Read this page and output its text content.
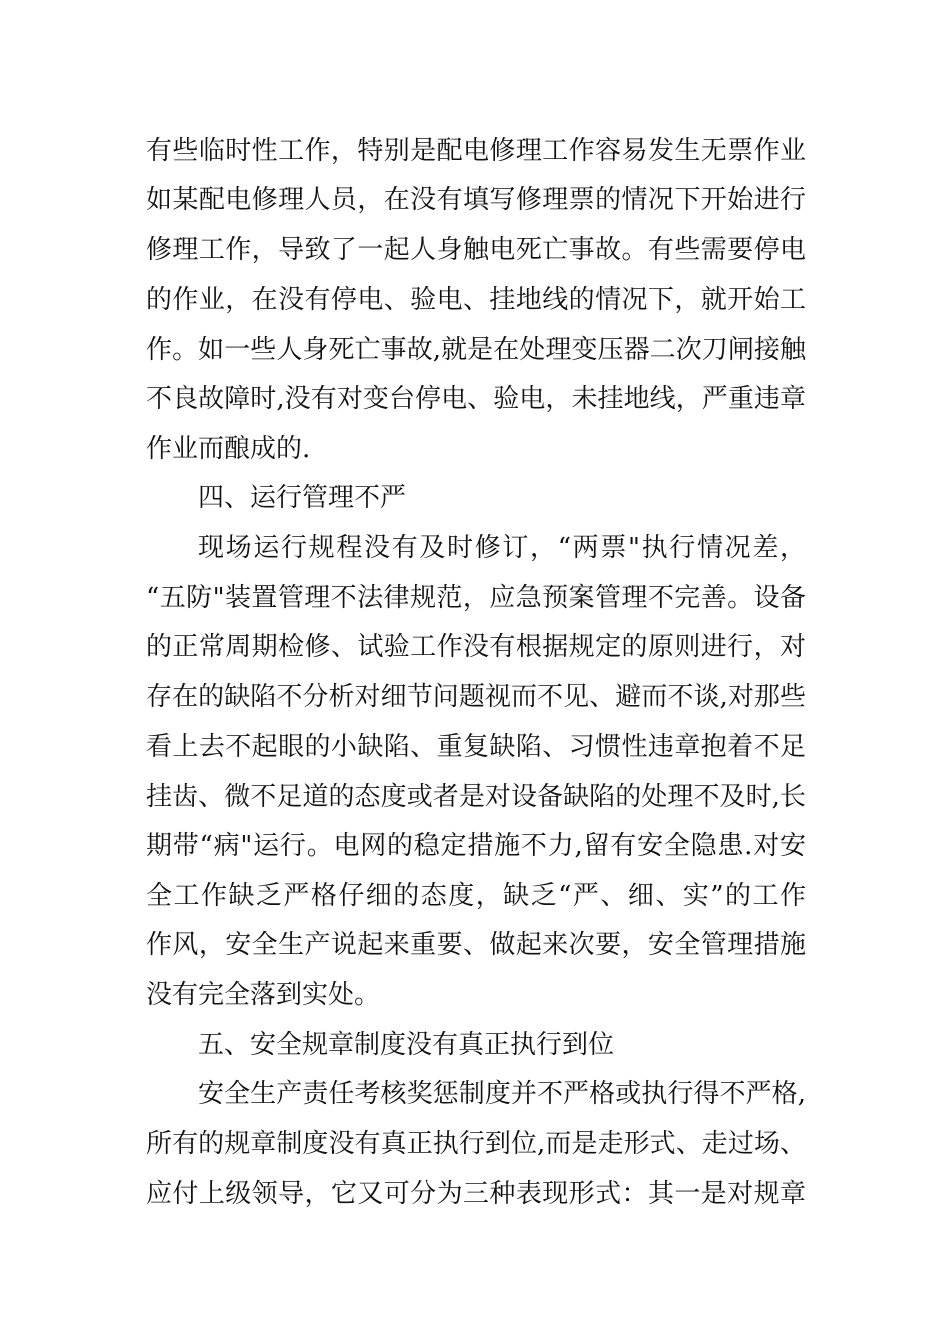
有些临时性工作，特别是配电修理工作容易发生无票作业
如某配电修理人员，在没有填写修理票的情况下开始进行
修理工作，导致了一起人身触电死亡事故。有些需要停电
的作业，在没有停电、验电、挂地线的情况下，就开始工
作。如一些人身死亡事故,就是在处理变压器二次刀闸接触
不良故障时,没有对变台停电、验电，未挂地线，严重违章
作业而酿成的.
四、运行管理不严
现场运行规程没有及时修订，“两票"执行情况差，
“五防"装置管理不法律规范，应急预案管理不完善。设备
的正常周期检修、试验工作没有根据规定的原则进行，对
存在的缺陷不分析对细节问题视而不见、避而不谈,对那些
看上去不起眼的小缺陷、重复缺陷、习惯性违章抱着不足
挂齿、微不足道的态度或者是对设备缺陷的处理不及时,长
期带“病"运行。电网的稳定措施不力,留有安全隐患.对安
全工作缺乏严格仔细的态度，缺乏“严、细、实”的工作
作风，安全生产说起来重要、做起来次要，安全管理措施
没有完全落到实处。
五、安全规章制度没有真正执行到位
安全生产责任考核奖惩制度并不严格或执行得不严格,
所有的规章制度没有真正执行到位,而是走形式、走过场、
应付上级领导，它又可分为三种表现形式：其一是对规章
